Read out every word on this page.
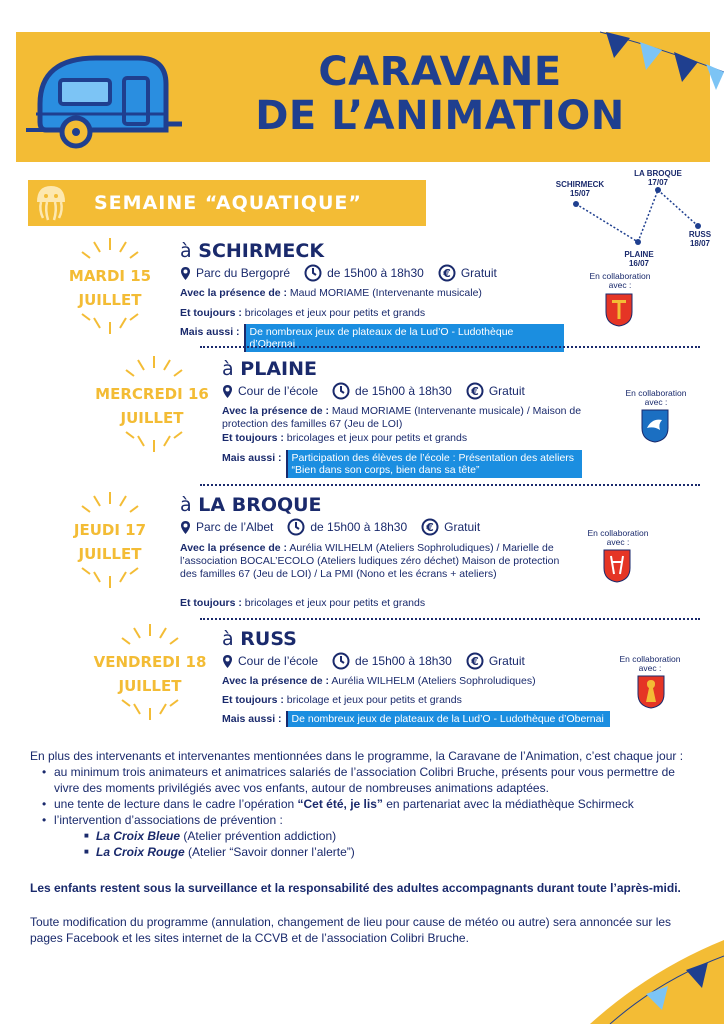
CARAVANE
DE L’ANIMATION
SEMAINE “AQUATIQUE”
SCHIRMECK
15/07
LA BROQUE
17/07
PLAINE
16/07
RUSS
18/07
MARDI 15
JUILLET
à SCHIRMECK
Parc du Bergopré	de 15h00 à 18h30 € Gratuit
Avec la présence de : Maud MORIAME (Intervenante musicale)
Et toujours : bricolages et jeux pour petits et grands
Mais aussi : De nombreux jeux de plateaux de la Lud’O - Ludothèque d’Obernai
En collaboration avec :
MERCREDI 16
JUILLET
à PLAINE
Cour de l’école	de 15h00 à 18h30 € Gratuit
Avec la présence de : Maud MORIAME (Intervenante musicale) / Maison de protection des familles 67 (Jeu de LOI)
Et toujours : bricolages et jeux pour petits et grands
Mais aussi : Participation des élèves de l’école : Présentation des ateliers “Bien dans son corps, bien dans sa tête”
En collaboration avec :
JEUDI 17
JUILLET
à LA BROQUE
Parc de l’Albet	de 15h00 à 18h30 € Gratuit
Avec la présence de : Aurélia WILHELM (Ateliers Sophroludiques) / Marielle de l’association BOCAL’ECOLO (Ateliers ludiques zéro déchet) Maison de protection des familles 67 (Jeu de LOI) / La PMI (Nono et les écrans + ateliers)
Et toujours : bricolages et jeux pour petits et grands
En collaboration avec :
VENDREDI 18
JUILLET
à RUSS
Cour de l’école	de 15h00 à 18h30 € Gratuit
Avec la présence de : Aurélia WILHELM (Ateliers Sophroludiques)
Et toujours : bricolage et jeux pour petits et grands
Mais aussi : De nombreux jeux de plateaux de la Lud’O - Ludothèque d’Obernai
En collaboration avec :

En plus des intervenants et intervenantes mentionnées dans le programme, la Caravane de l’Animation, c’est chaque jour :

• au minimum trois animateurs et animatrices salariés de l’association Colibri Bruche, présents pour vous permettre de vivre des moments privilégiés avec vos enfants, autour de nombreuses animations adaptées.
• une tente de lecture dans le cadre l’opération “Cet été, je lis” en partenariat avec la médiathèque Schirmeck
• l’intervention d’associations de prévention :
■ La Croix Bleue (Atelier prévention addiction)
■ La Croix Rouge (Atelier “Savoir donner l’alerte”)

Les enfants restent sous la surveillance et la responsabilité des adultes accompagnants durant toute l’après-midi.

Toute modification du programme (annulation, changement de lieu pour cause de météo ou autre) sera annoncée sur les pages Facebook et les sites internet de la CCVB et de l’association Colibri Bruche.
